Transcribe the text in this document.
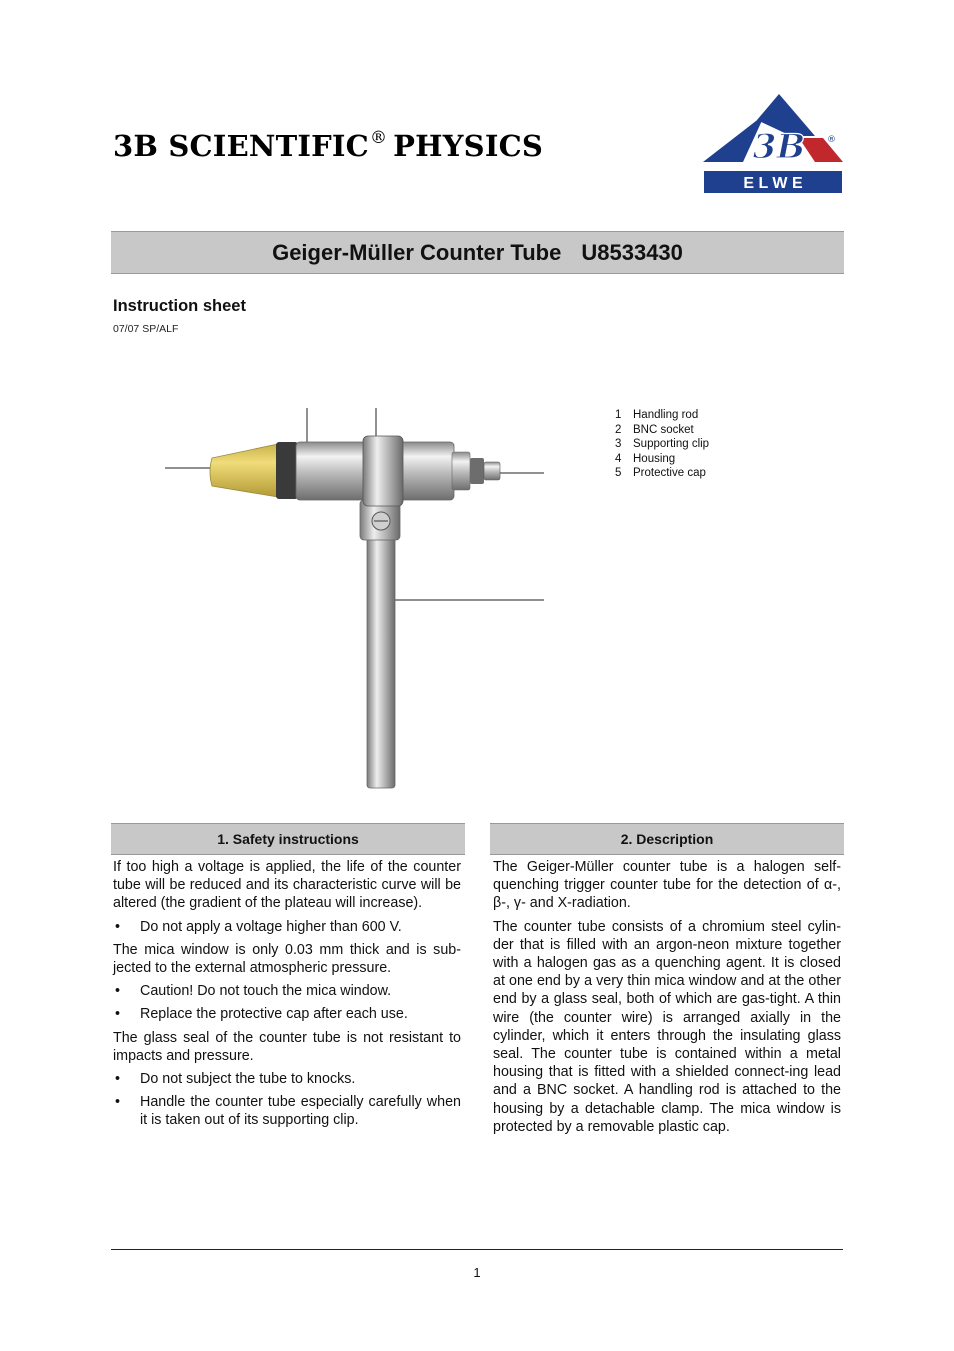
3B SCIENTIFIC® PHYSICS	3B ®
E L W E
Geiger-Müller Counter Tube U8533430
Instruction sheet
07/07 SP/ALF
1	Handling rod
2	BNC socket
3	Supporting clip
4	Housing
5	Protective cap
1. Safety instructions

If too high a voltage is applied, the life of the counter tube will be reduced and its characteristic curve will be altered (the gradient of the plateau will increase).

• Do not apply a voltage higher than 600 V.

The mica window is only 0.03 mm thick and is sub-jected to the external atmospheric pressure.

• Caution! Do not touch the mica window.
• Replace the protective cap after each use.

The glass seal of the counter tube is not resistant to impacts and pressure.

• Do not subject the tube to knocks.
• Handle the counter tube especially carefully when it is taken out of its supporting clip.
2. Description

The Geiger-Müller counter tube is a halogen self-quenching trigger counter tube for the detection of α-, β-, γ- and X-radiation.

The counter tube consists of a chromium steel cylin-der that is filled with an argon-neon mixture together with a halogen gas as a quenching agent. It is closed at one end by a very thin mica window and at the other end by a glass seal, both of which are gas-tight. A thin wire (the counter wire) is arranged axially in the cylinder, which it enters through the insulating glass seal. The counter tube is contained within a metal housing that is fitted with a shielded connect-ing lead and a BNC socket. A handling rod is attached to the housing by a detachable clamp. The mica window is protected by a removable plastic cap.

1
